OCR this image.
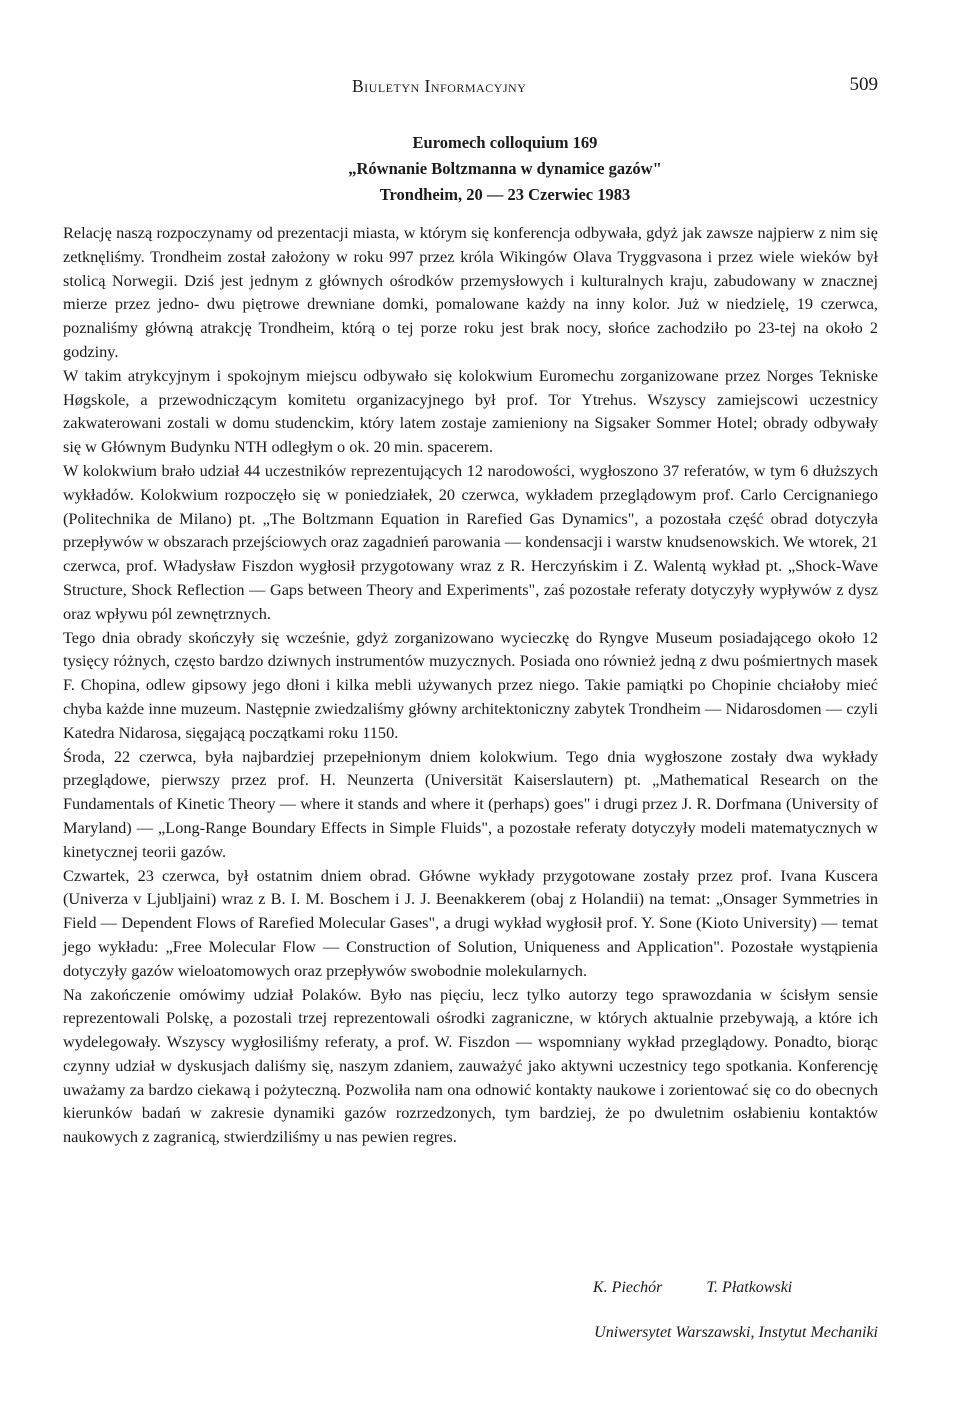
Biuletyn Informacyjny	509
Euromech colloquium 169
„Równanie Boltzmanna w dynamice gazów"
Trondheim, 20 — 23 Czerwiec 1983

Relację naszą rozpoczynamy od prezentacji miasta, w którym się konferencja odbywała, gdyż jak zawsze najpierw z nim się zetknęliśmy. Trondheim został założony w roku 997 przez króla Wikingów Olava Tryggvasona i przez wiele wieków był stolicą Norwegii. Dziś jest jednym z głównych ośrodków przemysłowych i kulturalnych kraju, zabudowany w znacznej mierze przez jedno- dwu piętrowe drewniane domki, pomalowane każdy na inny kolor. Już w niedzielę, 19 czerwca, poznaliśmy główną atrakcję Trondheim, którą o tej porze roku jest brak nocy, słońce zachodziło po 23-tej na około 2 godziny.

W takim atrykcyjnym i spokojnym miejscu odbywało się kolokwium Euromechu zorganizowane przez Norges Tekniske Høgskole, a przewodniczącym komitetu organizacyjnego był prof. Tor Ytrehus. Wszyscy zamiejscowi uczestnicy zakwaterowani zostali w domu studenckim, który latem zostaje zamieniony na Sigsaker Sommer Hotel; obrady odbywały się w Głównym Budynku NTH odległym o ok. 20 min. spacerem.

W kolokwium brało udział 44 uczestników reprezentujących 12 narodowości, wygłoszono 37 referatów, w tym 6 dłuższych wykładów. Kolokwium rozpoczęło się w poniedziałek, 20 czerwca, wykładem przeglądowym prof. Carlo Cercignaniego (Politechnika de Milano) pt. „The Boltzmann Equation in Rarefied Gas Dynamics", a pozostała część obrad dotyczyła przepływów w obszarach przejściowych oraz zagadnień parowania — kondensacji i warstw knudsenowskich. We wtorek, 21 czerwca, prof. Władysław Fiszdon wygłosił przygotowany wraz z R. Herczyńskim i Z. Walentą wykład pt. „Shock-Wave Structure, Shock Reflection — Gaps between Theory and Experiments", zaś pozostałe referaty dotyczyły wypływów z dysz oraz wpływu pól zewnętrznych.

Tego dnia obrady skończyły się wcześnie, gdyż zorganizowano wycieczkę do Ryngve Museum posiadającego około 12 tysięcy różnych, często bardzo dziwnych instrumentów muzycznych. Posiada ono również jedną z dwu pośmiertnych masek F. Chopina, odlew gipsowy jego dłoni i kilka mebli używanych przez niego. Takie pamiątki po Chopinie chciałoby mieć chyba każde inne muzeum. Następnie zwiedzaliśmy główny architektoniczny zabytek Trondheim — Nidarosdomen — czyli Katedra Nidarosa, sięgającą początkami roku 1150.

Środa, 22 czerwca, była najbardziej przepełnionym dniem kolokwium. Tego dnia wygłoszone zostały dwa wykłady przeglądowe, pierwszy przez prof. H. Neunzerta (Universität Kaiserslautern) pt. „Mathematical Research on the Fundamentals of Kinetic Theory — where it stands and where it (perhaps) goes" i drugi przez J. R. Dorfmana (University of Maryland) — „Long-Range Boundary Effects in Simple Fluids", a pozostałe referaty dotyczyły modeli matematycznych w kinetycznej teorii gazów.

Czwartek, 23 czerwca, był ostatnim dniem obrad. Główne wykłady przygotowane zostały przez prof. Ivana Kuscera (Univerza v Ljubljaini) wraz z B. I. M. Boschem i J. J. Beenakkerem (obaj z Holandii) na temat: „Onsager Symmetries in Field — Dependent Flows of Rarefied Molecular Gases", a drugi wykład wygłosił prof. Y. Sone (Kioto University) — temat jego wykładu: „Free Molecular Flow — Construction of Solution, Uniqueness and Application". Pozostałe wystąpienia dotyczyły gazów wieloatomowych oraz przepływów swobodnie molekularnych.

Na zakończenie omówimy udział Polaków. Było nas pięciu, lecz tylko autorzy tego sprawozdania w ścisłym sensie reprezentowali Polskę, a pozostali trzej reprezentowali ośrodki zagraniczne, w których aktualnie przebywają, a które ich wydelegowały. Wszyscy wygłosiliśmy referaty, a prof. W. Fiszdon — wspomniany wykład przeglądowy. Ponadto, biorąc czynny udział w dyskusjach daliśmy się, naszym zdaniem, zauważyć jako aktywni uczestnicy tego spotkania. Konferencję uważamy za bardzo ciekawą i pożyteczną. Pozwoliła nam ona odnowić kontakty naukowe i zorientować się co do obecnych kierunków badań w zakresie dynamiki gazów rozrzedzonych, tym bardziej, że po dwuletnim osłabieniu kontaktów naukowych z zagranicą, stwierdziliśmy u nas pewien regres.

K. Piechór	T. Płatkowski
Uniwersytet Warszawski, Instytut Mechaniki
